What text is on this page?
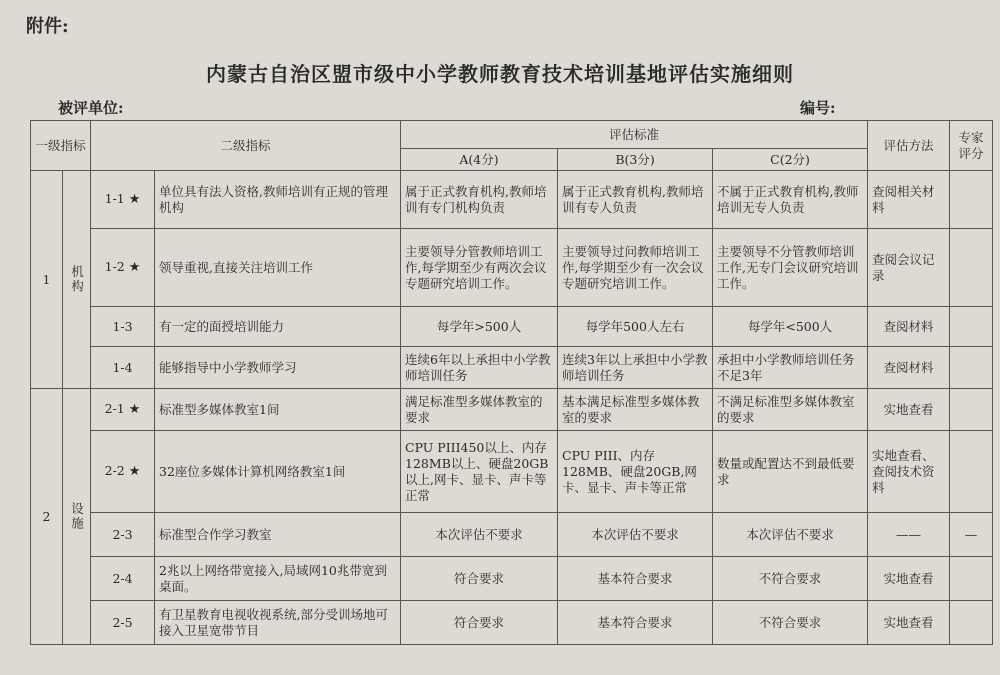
附件:
内蒙古自治区盟市级中小学教师教育技术培训基地评估实施细则
被评单位:	编号:
一级指标		二级指标		评估标准			评估方法	专家评分
				A(4分)	B(3分)	C(2分)		
1	机构	1-1 ★	单位具有法人资格,教师培训有正规的管理机构	属于正式教育机构,教师培训有专门机构负责	属于正式教育机构,教师培训有专人负责	不属于正式教育机构,教师培训无专人负责	查阅相关材料	
		1-2 ★	领导重视,直接关注培训工作	主要领导分管教师培训工作,每学期至少有两次会议专题研究培训工作。	主要领导过问教师培训工作,每学期至少有一次会议专题研究培训工作。	主要领导不分管教师培训工作,无专门会议研究培训工作。	查阅会议记录	
		1-3	有一定的面授培训能力	每学年>500人	每学年500人左右	每学年<500人	查阅材料	
		1-4	能够指导中小学教师学习	连续6年以上承担中小学教师培训任务	连续3年以上承担中小学教师培训任务	承担中小学教师培训任务不足3年	查阅材料	
2	设施	2-1 ★	标准型多媒体教室1间	满足标准型多媒体教室的要求	基本满足标准型多媒体教室的要求	不满足标准型多媒体教室的要求	实地查看	
		2-2 ★	32座位多媒体计算机网络教室1间	CPU PIII450以上、内存128MB以上、硬盘20GB以上,网卡、显卡、声卡等正常	CPU PIII、内存128MB、硬盘20GB,网卡、显卡、声卡等正常	数量或配置达不到最低要求	实地查看、查阅技术资料	
		2-3	标准型合作学习教室	本次评估不要求	本次评估不要求	本次评估不要求	——	—
		2-4	2兆以上网络带宽接入,局域网10兆带宽到桌面。	符合要求	基本符合要求	不符合要求	实地查看	
		2-5	有卫星教育电视收视系统,部分受训场地可接入卫星宽带节目	符合要求	基本符合要求	不符合要求	实地查看	
